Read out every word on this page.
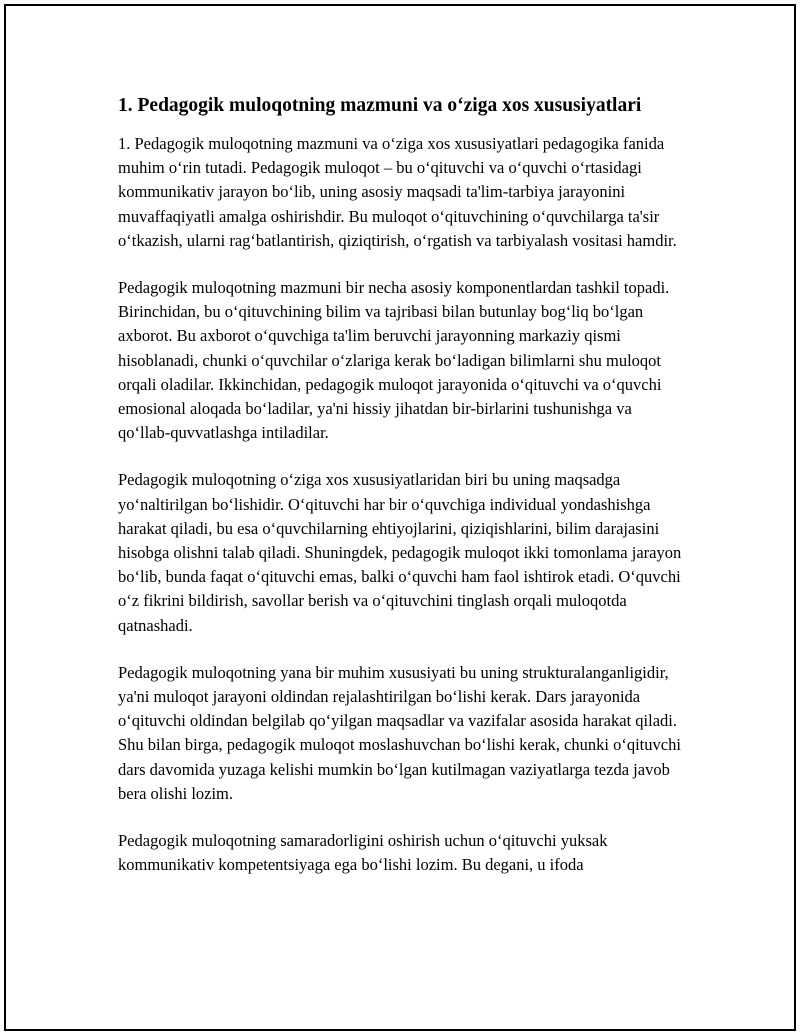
1. Pedagogik muloqotning mazmuni va o‘ziga xos xususiyatlari

1. Pedagogik muloqotning mazmuni va o‘ziga xos xususiyatlari pedagogika fanida muhim o‘rin tutadi. Pedagogik muloqot – bu o‘qituvchi va o‘quvchi o‘rtasidagi kommunikativ jarayon bo‘lib, uning asosiy maqsadi ta'lim-tarbiya jarayonini muvaffaqiyatli amalga oshirishdir. Bu muloqot o‘qituvchining o‘quvchilarga ta'sir o‘tkazish, ularni rag‘batlantirish, qiziqtirish, o‘rgatish va tarbiyalash vositasi hamdir.

Pedagogik muloqotning mazmuni bir necha asosiy komponentlardan tashkil topadi. Birinchidan, bu o‘qituvchining bilim va tajribasi bilan butunlay bog‘liq bo‘lgan axborot. Bu axborot o‘quvchiga ta'lim beruvchi jarayonning markaziy qismi hisoblanadi, chunki o‘quvchilar o‘zlariga kerak bo‘ladigan bilimlarni shu muloqot orqali oladilar. Ikkinchidan, pedagogik muloqot jarayonida o‘qituvchi va o‘quvchi emosional aloqada bo‘ladilar, ya'ni hissiy jihatdan bir-birlarini tushunishga va qo‘llab-quvvatlashga intiladilar.

Pedagogik muloqotning o‘ziga xos xususiyatlaridan biri bu uning maqsadga yo‘naltirilgan bo‘lishidir. O‘qituvchi har bir o‘quvchiga individual yondashishga harakat qiladi, bu esa o‘quvchilarning ehtiyojlarini, qiziqishlarini, bilim darajasini hisobga olishni talab qiladi. Shuningdek, pedagogik muloqot ikki tomonlama jarayon bo‘lib, bunda faqat o‘qituvchi emas, balki o‘quvchi ham faol ishtirok etadi. O‘quvchi o‘z fikrini bildirish, savollar berish va o‘qituvchini tinglash orqali muloqotda qatnashadi.

Pedagogik muloqotning yana bir muhim xususiyati bu uning strukturalanganligidir, ya'ni muloqot jarayoni oldindan rejalashtirilgan bo‘lishi kerak. Dars jarayonida o‘qituvchi oldindan belgilab qo‘yilgan maqsadlar va vazifalar asosida harakat qiladi. Shu bilan birga, pedagogik muloqot moslashuvchan bo‘lishi kerak, chunki o‘qituvchi dars davomida yuzaga kelishi mumkin bo‘lgan kutilmagan vaziyatlarga tezda javob bera olishi lozim.

Pedagogik muloqotning samaradorligini oshirish uchun o‘qituvchi yuksak kommunikativ kompetentsiyaga ega bo‘lishi lozim. Bu degani, u ifoda
